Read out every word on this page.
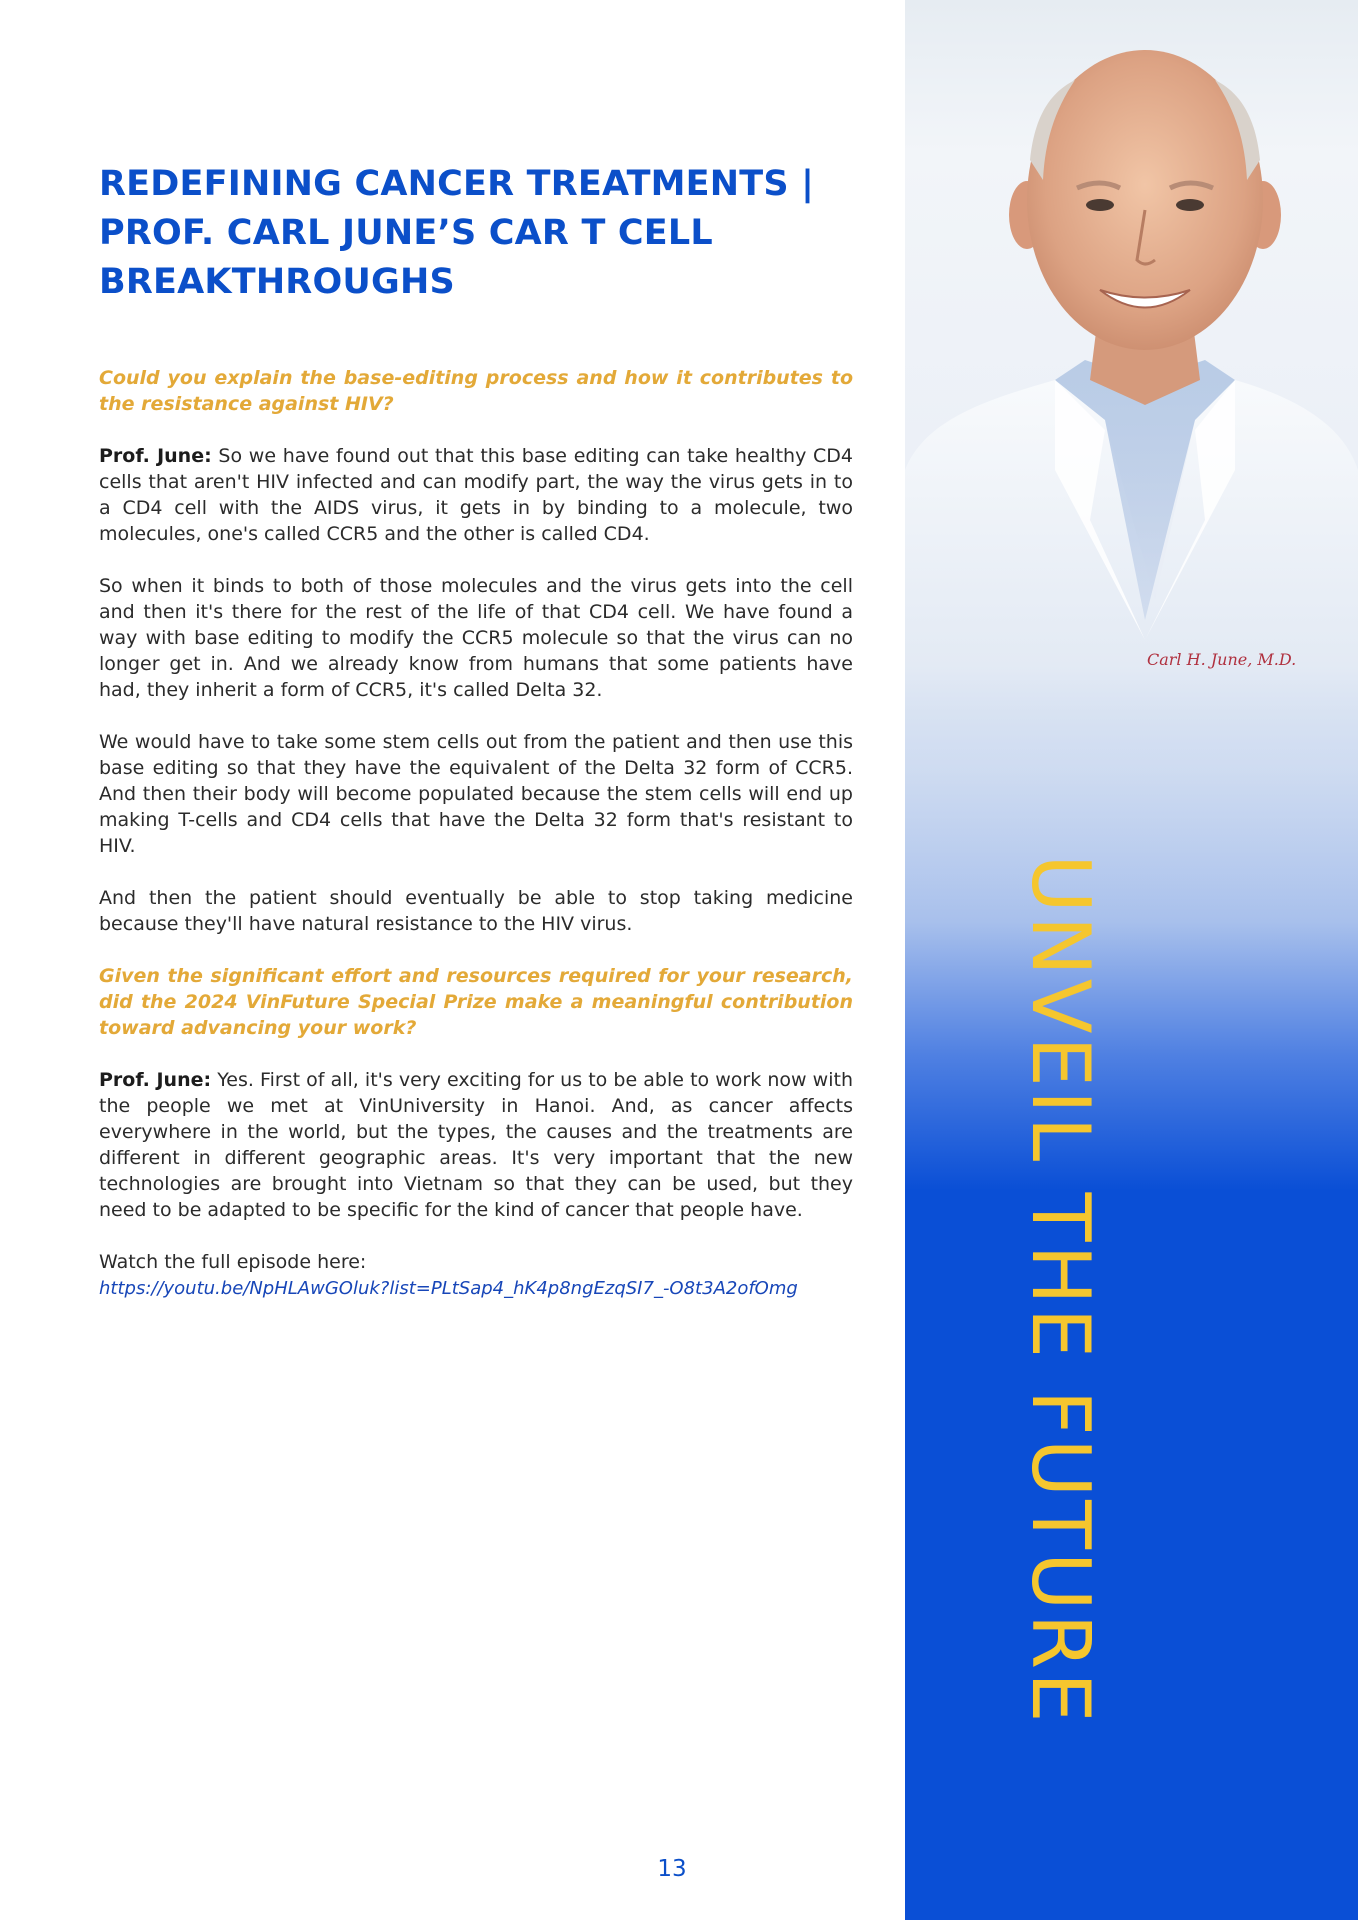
REDEFINING CANCER TREATMENTS |
PROF. CARL JUNE’S CAR T CELL
BREAKTHROUGHS

Could you explain the base-editing process and how it contributes to the resistance against HIV?

Prof. June: So we have found out that this base editing can take healthy CD4 cells that aren't HIV infected and can modify part, the way the virus gets in to a CD4 cell with the AIDS virus, it gets in by binding to a molecule, two molecules, one's called CCR5 and the other is called CD4.

So when it binds to both of those molecules and the virus gets into the cell and then it's there for the rest of the life of that CD4 cell. We have found a way with base editing to modify the CCR5 molecule so that the virus can no longer get in. And we already know from humans that some patients have had, they inherit a form of CCR5, it's called Delta 32.

We would have to take some stem cells out from the patient and then use this base editing so that they have the equivalent of the Delta 32 form of CCR5. And then their body will become populated because the stem cells will end up making T-cells and CD4 cells that have the Delta 32 form that's resistant to HIV.

And then the patient should eventually be able to stop taking medicine because they'll have natural resistance to the HIV virus.

Given the significant effort and resources required for your research, did the 2024 VinFuture Special Prize make a meaningful contribution toward advancing your work?

Prof. June: Yes. First of all, it's very exciting for us to be able to work now with the people we met at VinUniversity in Hanoi. And, as cancer affects everywhere in the world, but the types, the causes and the treatments are different in different geographic areas. It's very important that the new technologies are brought into Vietnam so that they can be used, but they need to be adapted to be specific for the kind of cancer that people have.

Watch the full episode here:
https://youtu.be/NpHLAwGOluk?list=PLtSap4_hK4p8ngEzqSI7_-O8t3A2ofOmg

13
Carl H. June, M.D.
UNVEIL THE FUTURE
